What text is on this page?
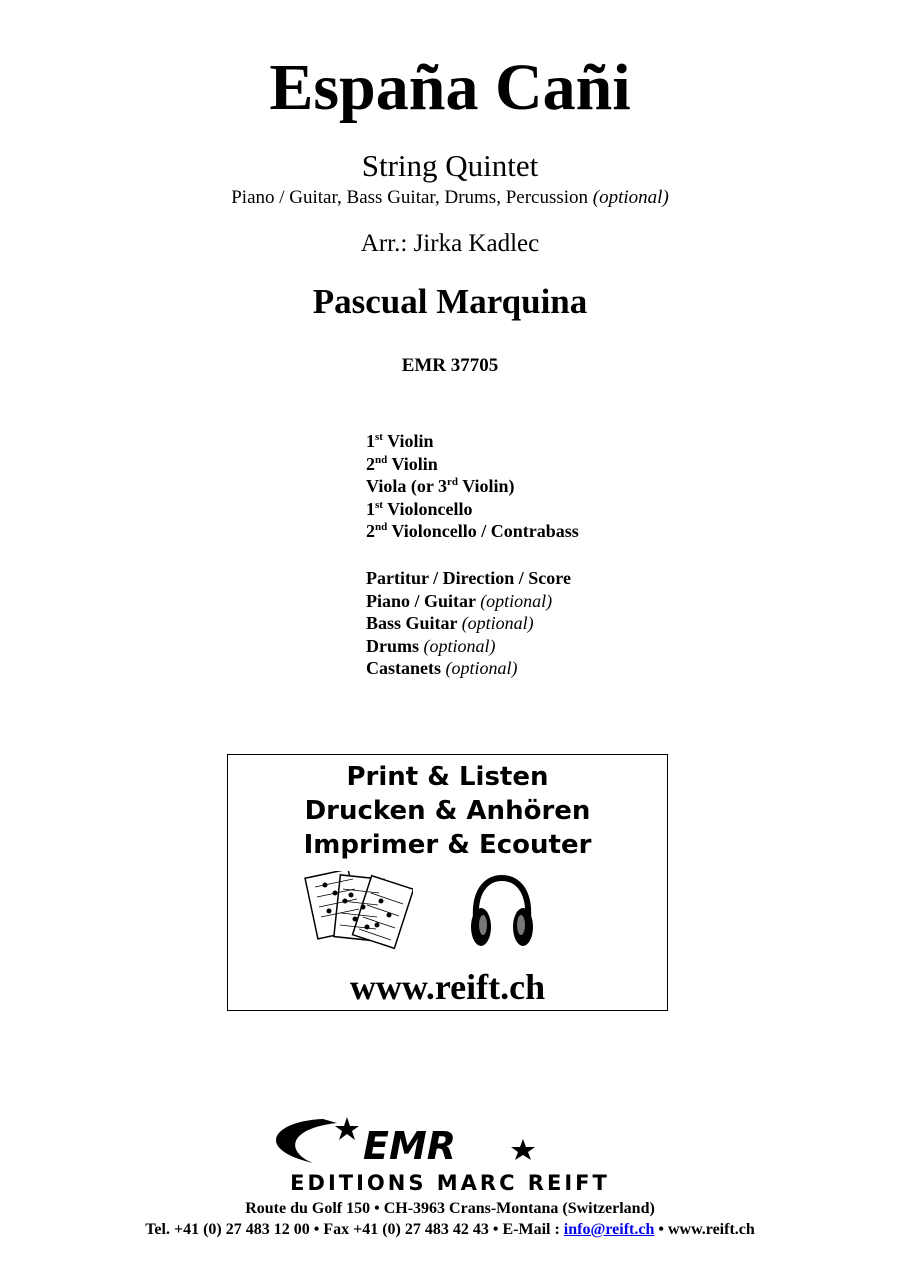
España Cañi
String Quintet
Piano / Guitar, Bass Guitar, Drums, Percussion (optional)
Arr.: Jirka Kadlec
Pascual Marquina
EMR 37705
1st Violin
2nd Violin
Viola (or 3rd Violin)
1st Violoncello
2nd Violoncello / Contrabass
Partitur / Direction / Score
Piano / Guitar (optional)
Bass Guitar (optional)
Drums (optional)
Castanets (optional)
Print & Listen
Drucken & Anhören
Imprimer & Ecouter
www.reift.ch
EMR
EDITIONS MARC REIFT
Route du Golf 150 • CH-3963 Crans-Montana (Switzerland)
Tel. +41 (0) 27 483 12 00 • Fax +41 (0) 27 483 42 43 • E-Mail : info@reift.ch • www.reift.ch
